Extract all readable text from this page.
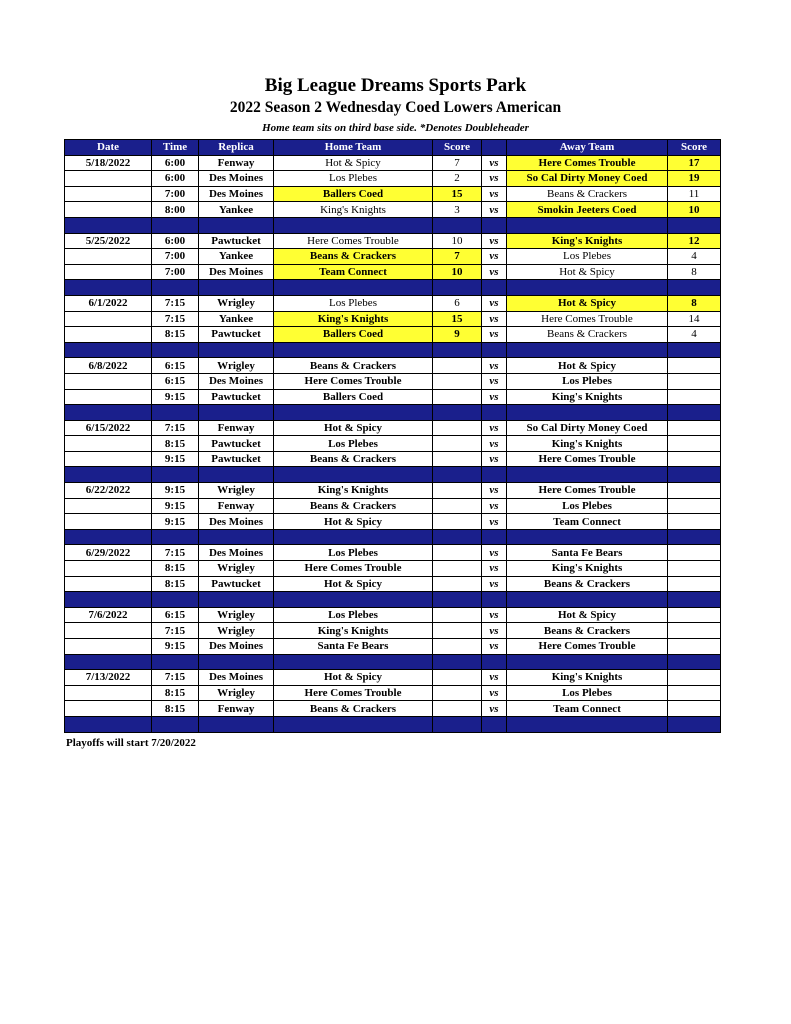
Big League Dreams Sports Park
2022 Season 2 Wednesday Coed Lowers American
Home team sits on third base side. *Denotes Doubleheader
Date	Time	Replica	Home Team	Score		Away Team	Score
5/18/2022	6:00	Fenway	Hot & Spicy	7	vs	Here Comes Trouble	17
	6:00	Des Moines	Los Plebes	2	vs	So Cal Dirty Money Coed	19
	7:00	Des Moines	Ballers Coed	15	vs	Beans & Crackers	11
	8:00	Yankee	King's Knights	3	vs	Smokin Jeeters Coed	10

5/25/2022	6:00	Pawtucket	Here Comes Trouble	10	vs	King's Knights	12
	7:00	Yankee	Beans & Crackers	7	vs	Los Plebes	4
	7:00	Des Moines	Team Connect	10	vs	Hot & Spicy	8

6/1/2022	7:15	Wrigley	Los Plebes	6	vs	Hot & Spicy	8
	7:15	Yankee	King's Knights	15	vs	Here Comes Trouble	14
	8:15	Pawtucket	Ballers Coed	9	vs	Beans & Crackers	4

6/8/2022	6:15	Wrigley	Beans & Crackers		vs	Hot & Spicy	
	6:15	Des Moines	Here Comes Trouble		vs	Los Plebes	
	9:15	Pawtucket	Ballers Coed		vs	King's Knights	

6/15/2022	7:15	Fenway	Hot & Spicy		vs	So Cal Dirty Money Coed	
	8:15	Pawtucket	Los Plebes		vs	King's Knights	
	9:15	Pawtucket	Beans & Crackers		vs	Here Comes Trouble	

6/22/2022	9:15	Wrigley	King's Knights		vs	Here Comes Trouble	
	9:15	Fenway	Beans & Crackers		vs	Los Plebes	
	9:15	Des Moines	Hot & Spicy		vs	Team Connect	

6/29/2022	7:15	Des Moines	Los Plebes		vs	Santa Fe Bears	
	8:15	Wrigley	Here Comes Trouble		vs	King's Knights	
	8:15	Pawtucket	Hot & Spicy		vs	Beans & Crackers	

7/6/2022	6:15	Wrigley	Los Plebes		vs	Hot & Spicy	
	7:15	Wrigley	King's Knights		vs	Beans & Crackers	
	9:15	Des Moines	Santa Fe Bears		vs	Here Comes Trouble	

7/13/2022	7:15	Des Moines	Hot & Spicy		vs	King's Knights	
	8:15	Wrigley	Here Comes Trouble		vs	Los Plebes	
	8:15	Fenway	Beans & Crackers		vs	Team Connect	

Playoffs will start 7/20/2022
